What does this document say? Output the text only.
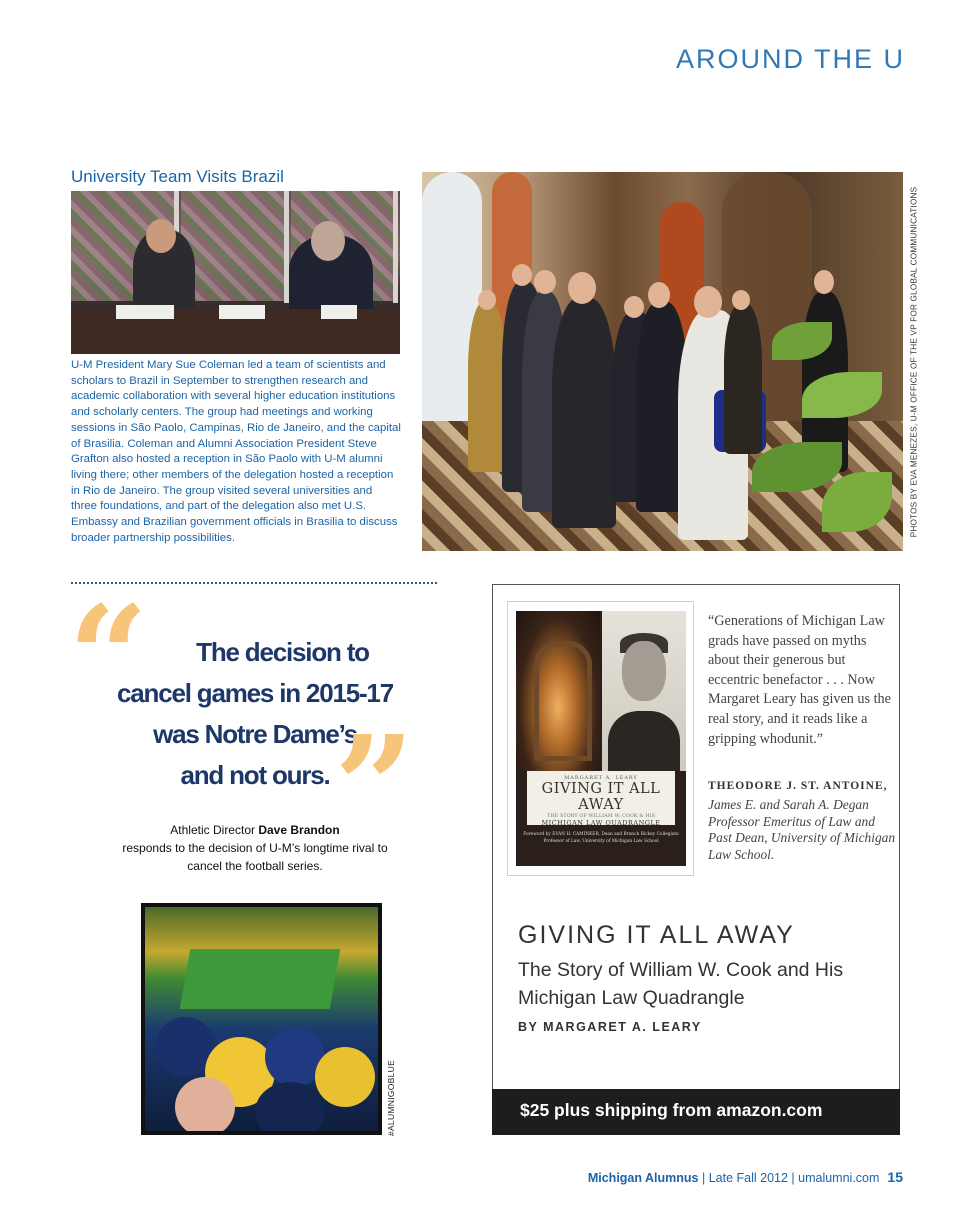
AROUND THE U
University Team Visits Brazil

U-M President Mary Sue Coleman led a team of scientists and scholars to Brazil in September to strengthen research and academic collaboration with several higher education institutions and scholarly centers. The group had meetings and working sessions in São Paolo, Campinas, Rio de Janeiro, and the capital of Brasilia. Coleman and Alumni Association President Steve Grafton also hosted a reception in São Paolo with U-M alumni living there; other members of the delegation hosted a reception in Rio de Janeiro. The group visited several universities and three foundations, and part of the delegation also met U.S. Embassy and Brazilian government officials in Brasilia to discuss broader partnership possibilities.

PHOTOS BY EVA MENEZES, U-M OFFICE OF THE VP FOR GLOBAL COMMUNICATIONS
“	The decision to
cancel games in 2015-17
was Notre Dame’s
and not ours. ”
Athletic Director Dave Brandon
responds to the decision of U-M’s longtime rival to cancel the football series.
#ALUMNIGOBLUE
MARGARET A. LEARY
GIVING IT ALL AWAY
THE STORY OF WILLIAM W. COOK & HIS
MICHIGAN LAW QUADRANGLE
Foreword by EVAN H. CAMINKER, Dean and Branch Rickey Collegiate Professor of Law, University of Michigan Law School
“Generations of Michigan Law grads have passed on myths about their generous but eccentric benefactor . . . Now Margaret Leary has given us the real story, and it reads like a gripping whodunit.”
THEODORE J. ST. ANTOINE,
James E. and Sarah A. Degan Professor Emeritus of Law and Past Dean, University of Michigan Law School.
GIVING IT ALL AWAY
The Story of William W. Cook and His Michigan Law Quadrangle
BY MARGARET A. LEARY
$25 plus shipping from amazon.com
Michigan Alumnus | Late Fall 2012 | umalumni.com 15
